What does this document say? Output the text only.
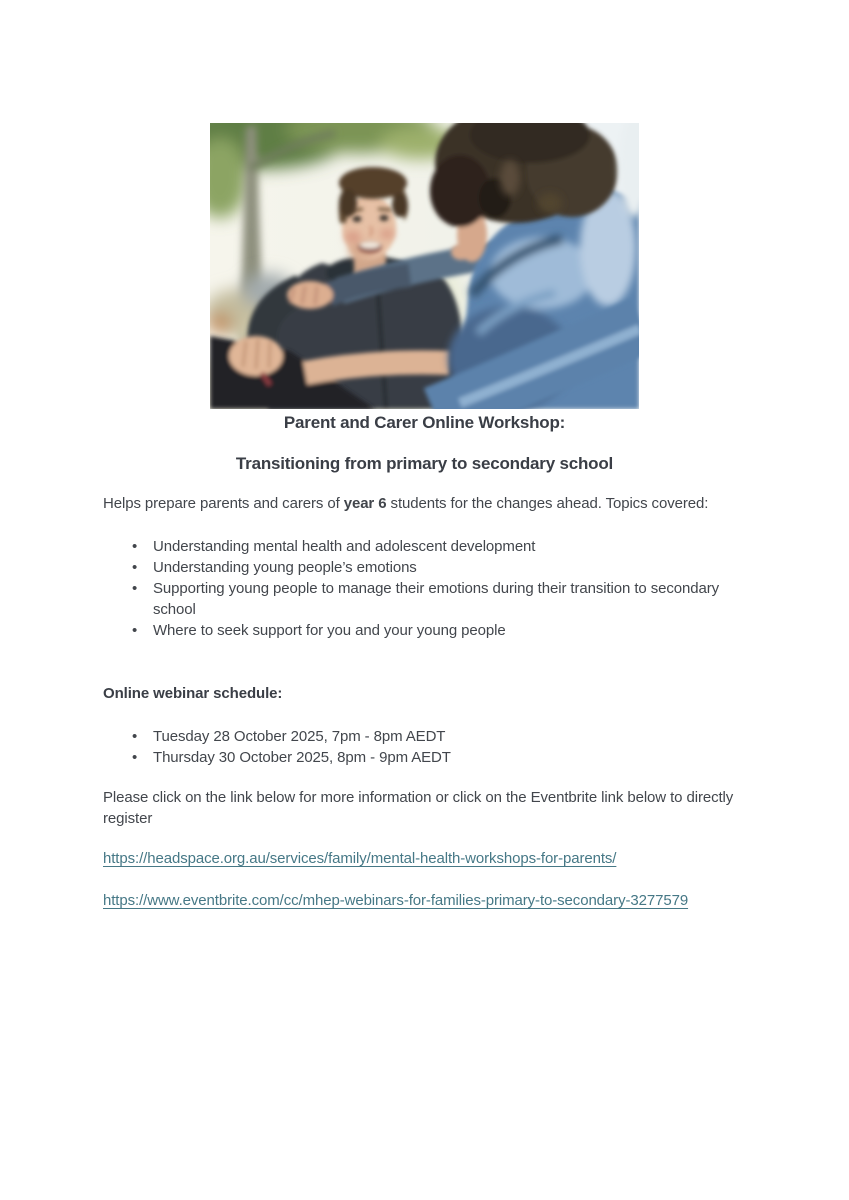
Parent and Carer Online Workshop:
Transitioning from primary to secondary school

Helps prepare parents and carers of year 6 students for the changes ahead. Topics covered:

• Understanding mental health and adolescent development
• Understanding young people’s emotions
• Supporting young people to manage their emotions during their transition to secondary school
• Where to seek support for you and your young people

Online webinar schedule:

• Tuesday 28 October 2025, 7pm - 8pm AEDT
• Thursday 30 October 2025, 8pm - 9pm AEDT

Please click on the link below for more information or click on the Eventbrite link below to directly register

https://headspace.org.au/services/family/mental-health-workshops-for-parents/

https://www.eventbrite.com/cc/mhep-webinars-for-families-primary-to-secondary-3277579
